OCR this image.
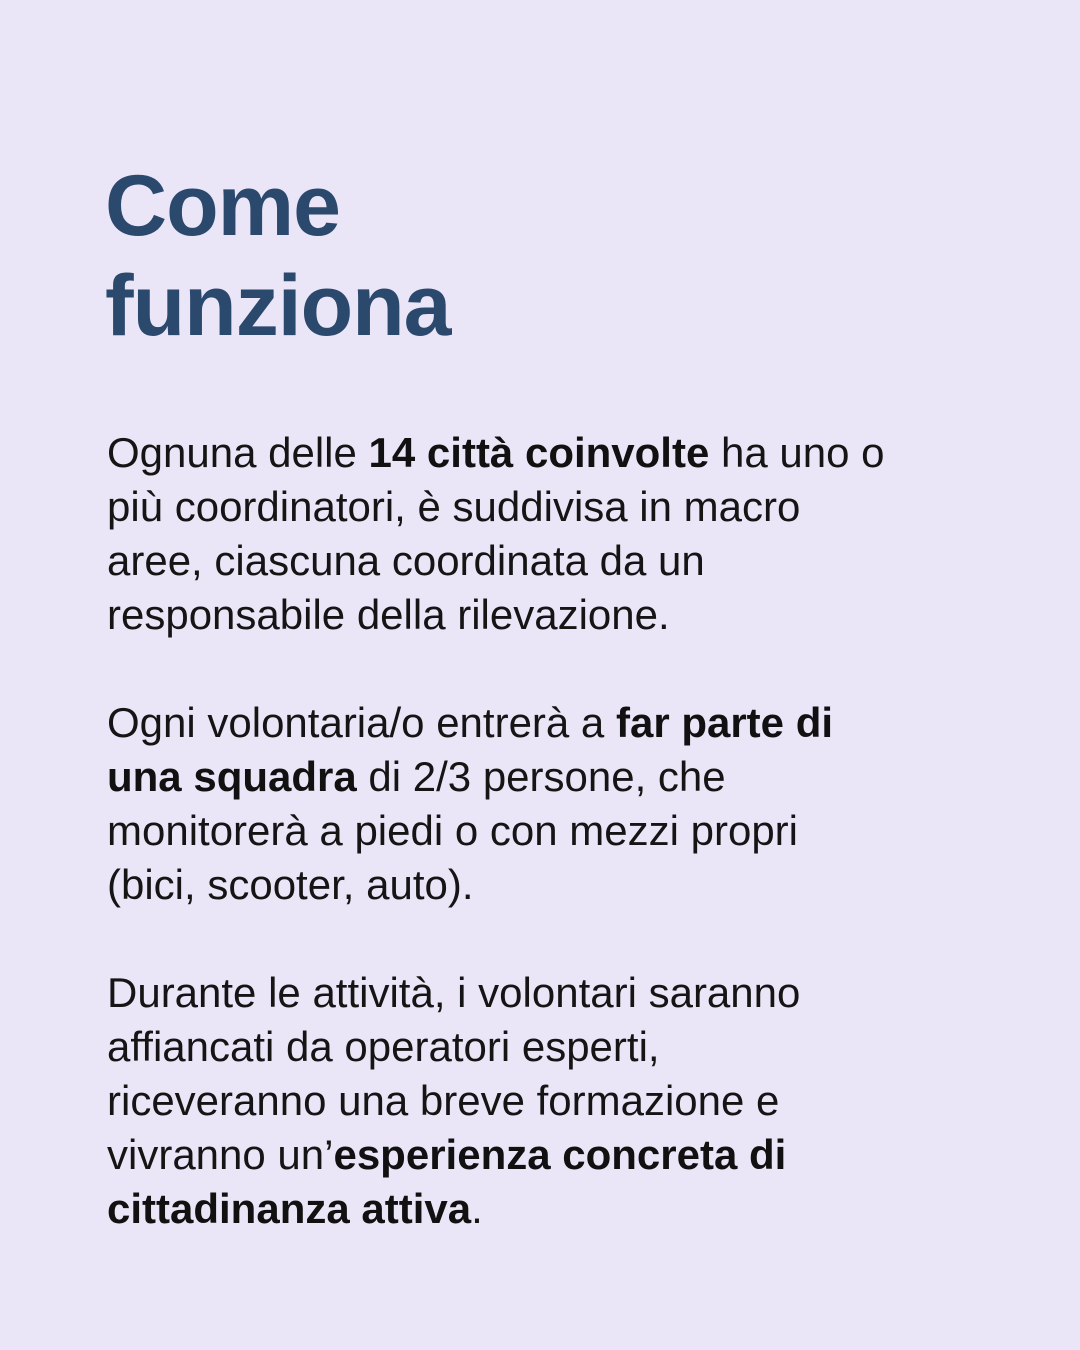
Come
funziona

Ognuna delle 14 città coinvolte ha uno o
più coordinatori, è suddivisa in macro
aree, ciascuna coordinata da un
responsabile della rilevazione.

Ogni volontaria/o entrerà a far parte di
una squadra di 2/3 persone, che
monitorerà a piedi o con mezzi propri
(bici, scooter, auto).

Durante le attività, i volontari saranno
affiancati da operatori esperti,
riceveranno una breve formazione e
vivranno un’esperienza concreta di
cittadinanza attiva.
